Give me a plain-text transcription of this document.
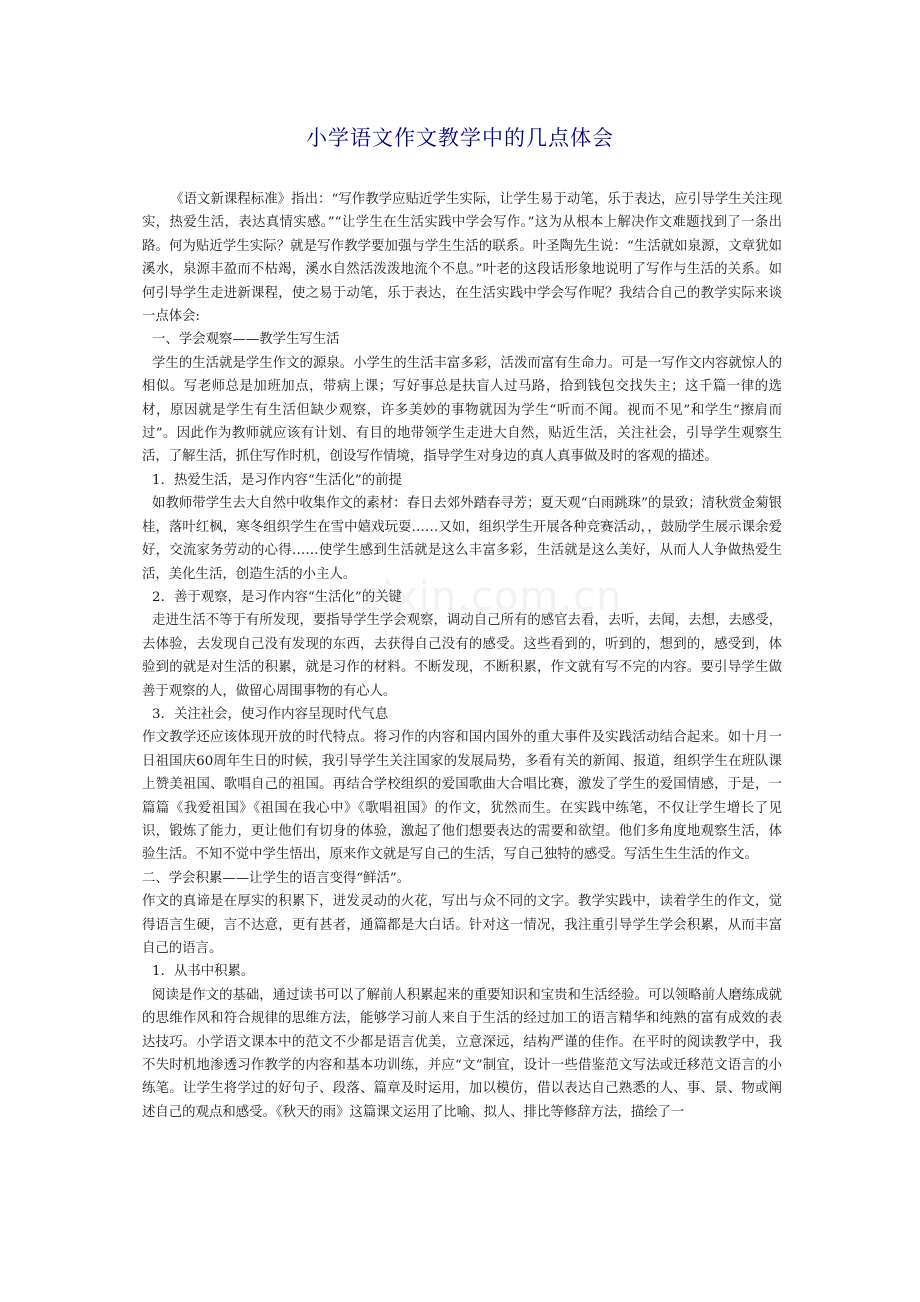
小学语文作文教学中的几点体会
zixin.com.cn

《语文新课程标准》指出：“写作教学应贴近学生实际，让学生易于动笔，乐于表达，应引导学生关注现实，热爱生活，表达真情实感。”“让学生在生活实践中学会写作。”这为从根本上解决作文难题找到了一条出路。何为贴近学生实际？就是写作教学要加强与学生生活的联系。叶圣陶先生说：“生活就如泉源，文章犹如溪水，泉源丰盈而不枯竭，溪水自然活泼泼地流个不息。”叶老的这段话形象地说明了写作与生活的关系。如何引导学生走进新课程，使之易于动笔，乐于表达，在生活实践中学会写作呢？我结合自己的教学实际来谈一点体会:

一、学会观察——教学生写生活

学生的生活就是学生作文的源泉。小学生的生活丰富多彩，活泼而富有生命力。可是一写作文内容就惊人的相似。写老师总是加班加点，带病上课；写好事总是扶盲人过马路，拾到钱包交找失主；这千篇一律的选材，原因就是学生有生活但缺少观察，许多美妙的事物就因为学生“听而不闻。视而不见”和学生“擦肩而过”。因此作为教师就应该有计划、有目的地带领学生走进大自然，贴近生活，关注社会，引导学生观察生活，了解生活，抓住写作时机，创设写作情境，指导学生对身边的真人真事做及时的客观的描述。

1．热爱生活，是习作内容“生活化”的前提

如教师带学生去大自然中收集作文的素材：春日去郊外踏春寻芳；夏天观“白雨跳珠”的景致；清秋赏金菊银桂，落叶红枫，寒冬组织学生在雪中嬉戏玩耍……又如，组织学生开展各种竞赛活动，，鼓励学生展示课余爱好，交流家务劳动的心得……使学生感到生活就是这么丰富多彩，生活就是这么美好，从而人人争做热爱生活，美化生活，创造生活的小主人。

2．善于观察，是习作内容“生活化”的关键

走进生活不等于有所发现，要指导学生学会观察，调动自己所有的感官去看，去听，去闻，去想，去感受，去体验，去发现自己没有发现的东西，去获得自己没有的感受。这些看到的，听到的，想到的，感受到，体验到的就是对生活的积累，就是习作的材料。不断发现，不断积累，作文就有写不完的内容。要引导学生做善于观察的人，做留心周围事物的有心人。

3．关注社会，使习作内容呈现时代气息

作文教学还应该体现开放的时代特点。将习作的内容和国内国外的重大事件及实践活动结合起来。如十月一日祖国庆60周年生日的时候，我引导学生关注国家的发展局势，多看有关的新闻、报道，组织学生在班队课上赞美祖国、歌唱自己的祖国。再结合学校组织的爱国歌曲大合唱比赛，激发了学生的爱国情感，于是，一篇篇《我爱祖国》《祖国在我心中》《歌唱祖国》的作文，犹然而生。在实践中练笔，不仅让学生增长了见识，锻炼了能力，更让他们有切身的体验，激起了他们想要表达的需要和欲望。他们多角度地观察生活，体验生活。不知不觉中学生悟出，原来作文就是写自己的生活，写自己独特的感受。写活生生生活的作文。

二、学会积累——让学生的语言变得“鲜活”。

作文的真谛是在厚实的积累下，迸发灵动的火花，写出与众不同的文字。教学实践中，读着学生的作文，觉得语言生硬，言不达意，更有甚者，通篇都是大白话。针对这一情况，我注重引导学生学会积累，从而丰富自己的语言。

1．从书中积累。

阅读是作文的基础，通过读书可以了解前人积累起来的重要知识和宝贵和生活经验。可以领略前人磨练成就的思维作风和符合规律的思维方法，能够学习前人来自于生活的经过加工的语言精华和纯熟的富有成效的表达技巧。小学语文课本中的范文不少都是语言优美，立意深远，结构严谨的佳作。在平时的阅读教学中，我不失时机地渗透习作教学的内容和基本功训练，并应“文”制宜，设计一些借鉴范文写法或迁移范文语言的小练笔。让学生将学过的好句子、段落、篇章及时运用，加以模仿，借以表达自己熟悉的人、事、景、物或阐述自己的观点和感受。《秋天的雨》这篇课文运用了比喻、拟人、排比等修辞方法，描绘了一
